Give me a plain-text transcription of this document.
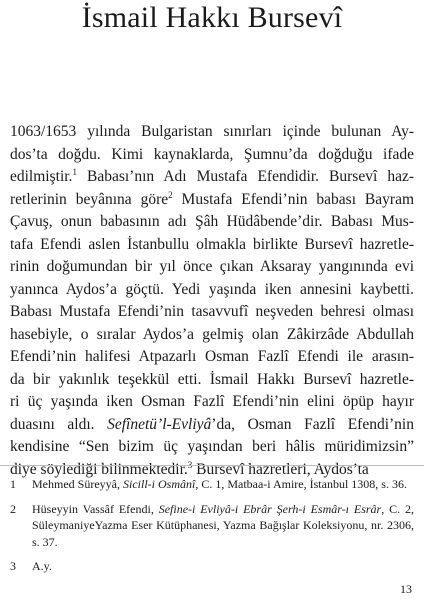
İsmail Hakkı Bursevî
1063/1653 yılında Bulgaristan sınırları içinde bulunan Ay-
dos’ta doğdu. Kimi kaynaklarda, Şumnu’da doğduğu ifade
edilmiştir.$^1$ Babası’nın Adı Mustafa Efendidir. Bursevî haz-
retlerinin beyânına göre$^2$ Mustafa Efendi’nin babası Bayram
Çavuş, onun babasının adı Şâh Hüdâbende’dir. Babası Mus-
tafa Efendi aslen İstanbullu olmakla birlikte Bursevî hazretle-
rinin doğumundan bir yıl önce çıkan Aksaray yangınında evi
yanınca Aydos’a göçtü. Yedi yaşında iken annesini kaybetti.
Babası Mustafa Efendi’nin tasavvufî neşveden behresi olması
hasebiyle, o sıralar Aydos’a gelmiş olan Zâkirzâde Abdullah
Efendi’nin halifesi Atpazarlı Osman Fazlî Efendi ile arasın-
da bir yakınlık teşekkül etti. İsmail Hakkı Bursevî hazretle-
ri üç yaşında iken Osman Fazlî Efendi’nin elini öpüp hayır
duasını aldı. Sefînetü’l-Evliyâ’da, Osman Fazlî Efendi’nin
kendisine “Sen bizim üç yaşından beri hâlis müridimizsin”
diye söylediği bilinmektedir.$^3$ Bursevî hazretleri, Aydos’ta
1	Mehmed Süreyyâ, Sicill-i Osmânî, C. 1, Matbaa-i Amire, İstanbul 1308, s. 36.
2	Hüseyyin Vassâf Efendi, Sefine-i Evliyâ-i Ebrâr Şerh-i Esmâr-ı Esrâr, C. 2, SüleymaniyeYazma Eser Kütüphanesi, Yazma Bağışlar Koleksiyonu, nr. 2306, s. 37.
3	A.y.
13
